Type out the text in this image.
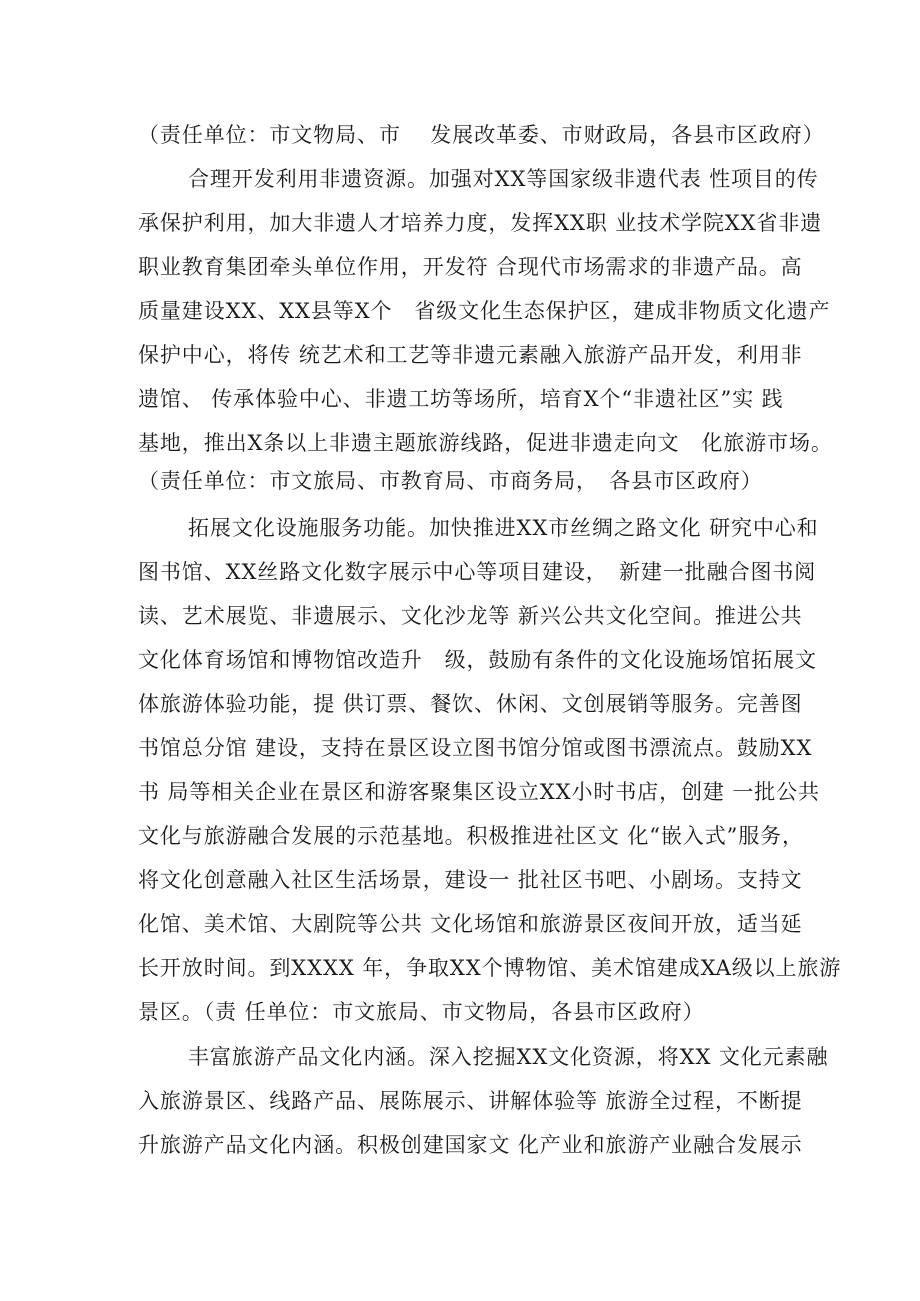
（责任单位：市文物局、市　 发展改革委、市财政局，各县市区政府）
合理开发利用非遗资源。加强对XX等国家级非遗代表 性项目的传
承保护利用，加大非遗人才培养力度，发挥XX职 业技术学院XX省非遗
职业教育集团牵头单位作用，开发符 合现代市场需求的非遗产品。高
质量建设XX、XX县等X个　省级文化生态保护区，建成非物质文化遗产
保护中心，将传 统艺术和工艺等非遗元素融入旅游产品开发，利用非
遗馆、 传承体验中心、非遗工坊等场所，培育X个“非遗社区”实 践
基地，推出X条以上非遗主题旅游线路，促进非遗走向文　化旅游市场。
（责任单位：市文旅局、市教育局、市商务局，　各县市区政府）
拓展文化设施服务功能。加快推进XX市丝绸之路文化 研究中心和
图书馆、XX丝路文化数字展示中心等项目建设，　新建一批融合图书阅
读、艺术展览、非遗展示、文化沙龙等 新兴公共文化空间。推进公共
文化体育场馆和博物馆改造升　级，鼓励有条件的文化设施场馆拓展文
体旅游体验功能，提 供订票、餐饮、休闲、文创展销等服务。完善图
书馆总分馆 建设，支持在景区设立图书馆分馆或图书漂流点。鼓励XX
书 局等相关企业在景区和游客聚集区设立XX小时书店，创建 一批公共
文化与旅游融合发展的示范基地。积极推进社区文 化“嵌入式”服务，
将文化创意融入社区生活场景，建设一 批社区书吧、小剧场。支持文
化馆、美术馆、大剧院等公共 文化场馆和旅游景区夜间开放，适当延
长开放时间。到XXXX 年，争取XX个博物馆、美术馆建成XA级以上旅游
景区。（责 任单位：市文旅局、市文物局，各县市区政府）
丰富旅游产品文化内涵。深入挖掘XX文化资源，将XX 文化元素融
入旅游景区、线路产品、展陈展示、讲解体验等 旅游全过程，不断提
升旅游产品文化内涵。积极创建国家文 化产业和旅游产业融合发展示
